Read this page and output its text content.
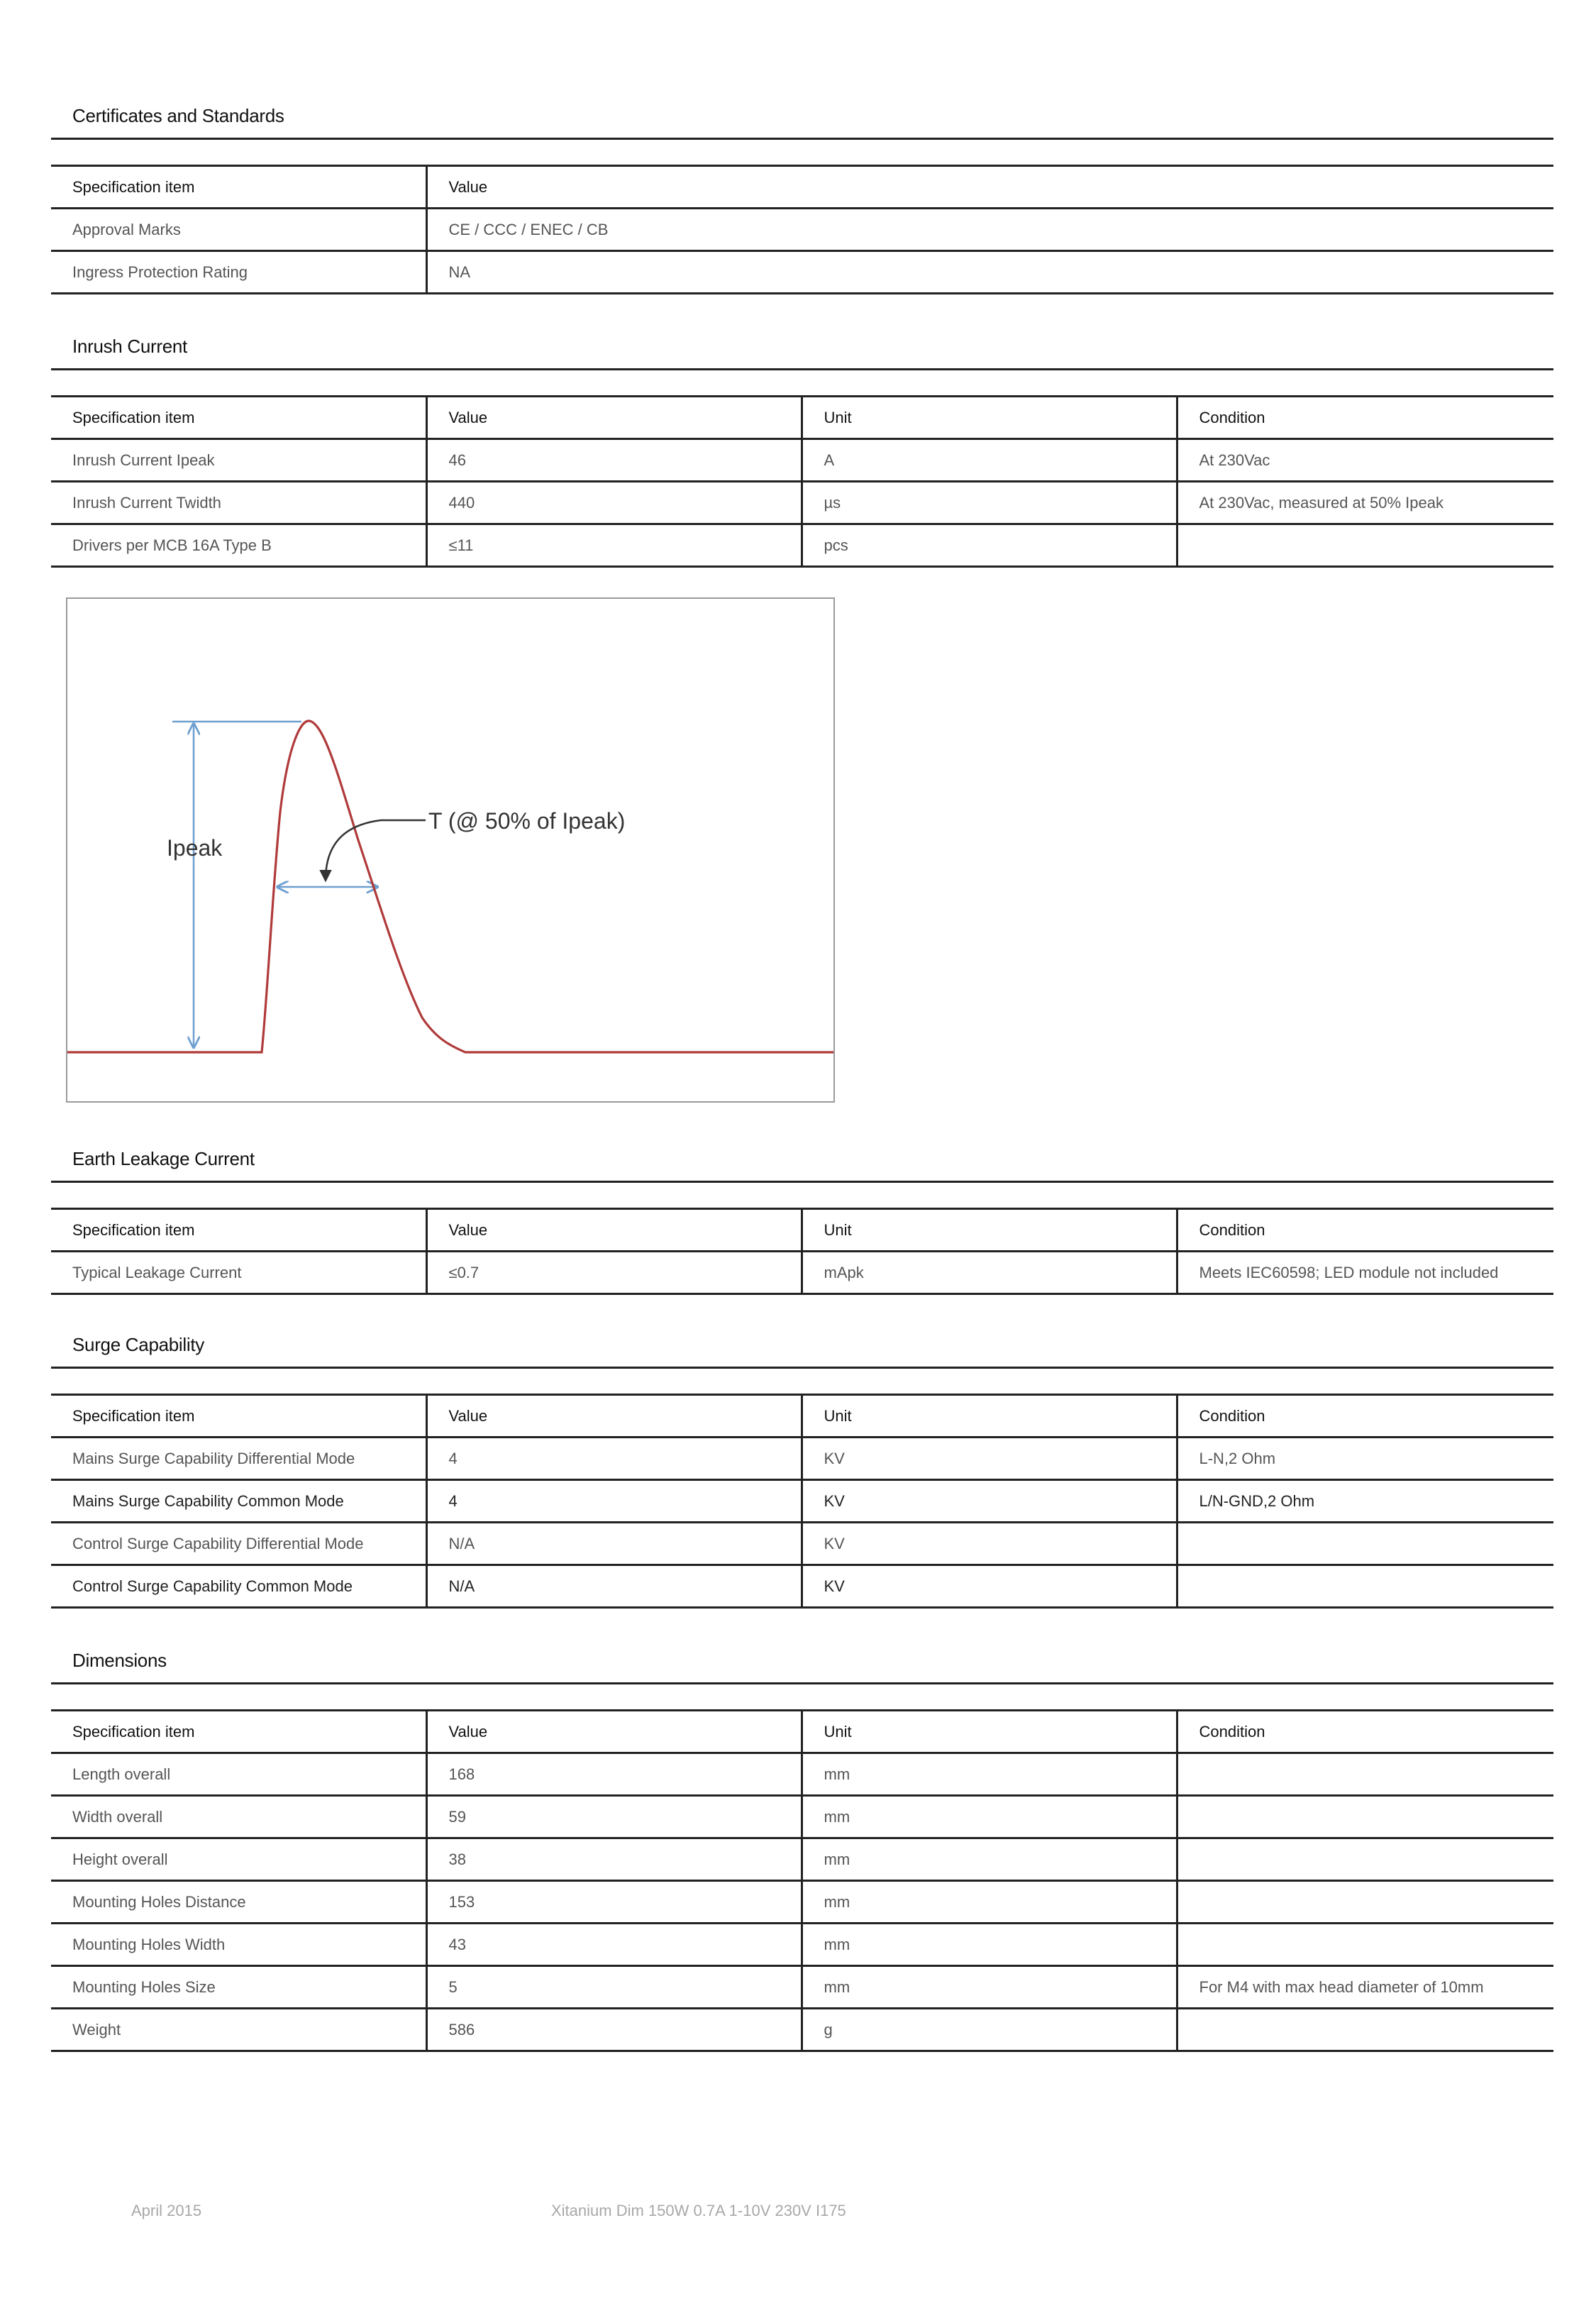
Certificates and Standards
Specification item	Value
Approval Marks	CE / CCC / ENEC / CB
Ingress Protection Rating	NA
Inrush Current
Specification item	Value	Unit	Condition
Inrush Current Ipeak	46	A	At 230Vac
Inrush Current Twidth	440	µs	At 230Vac, measured at 50% Ipeak
Drivers per MCB 16A Type B	≤11	pcs	
Ipeak
T (@ 50% of Ipeak)
Earth Leakage Current
Specification item	Value	Unit	Condition
Typical Leakage Current	≤0.7	mApk	Meets IEC60598; LED module not included
Surge Capability
Specification item	Value	Unit	Condition
Mains Surge Capability Differential Mode	4	KV	L-N,2 Ohm
Mains Surge Capability Common Mode	4	KV	L/N-GND,2 Ohm
Control Surge Capability Differential Mode	N/A	KV	
Control Surge Capability Common Mode	N/A	KV	
Dimensions
Specification item	Value	Unit	Condition
Length overall	168	mm	
Width overall	59	mm	
Height overall	38	mm	
Mounting Holes Distance	153	mm	
Mounting Holes Width	43	mm	
Mounting Holes Size	5	mm	For M4 with max head diameter of 10mm
Weight	586	g	
April 2015	Xitanium Dim 150W 0.7A 1-10V 230V I175
